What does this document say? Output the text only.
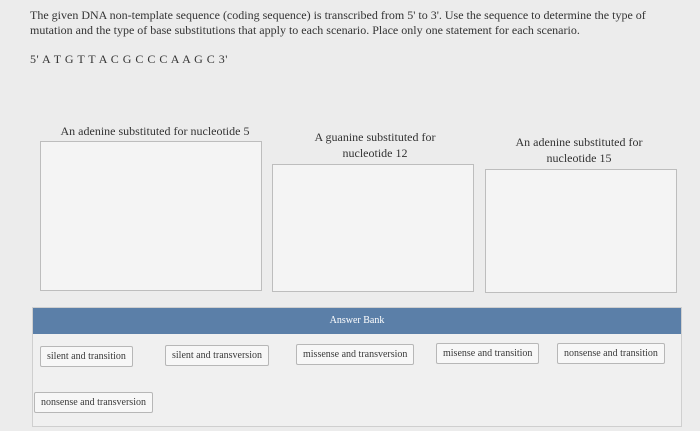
The given DNA non-template sequence (coding sequence) is transcribed from 5' to 3'. Use the sequence to determine the type of mutation and the type of base substitutions that apply to each scenario. Place only one statement for each scenario.
5' A T G T T A C G C C C A A G C 3'
An adenine substituted for nucleotide 5	A guanine substituted for nucleotide 12
An adenine substituted for nucleotide 15
Answer Bank
silent and transition	silent and transversion	missense and transversion	misense and transition	nonsense and transition
nonsense and transversion
